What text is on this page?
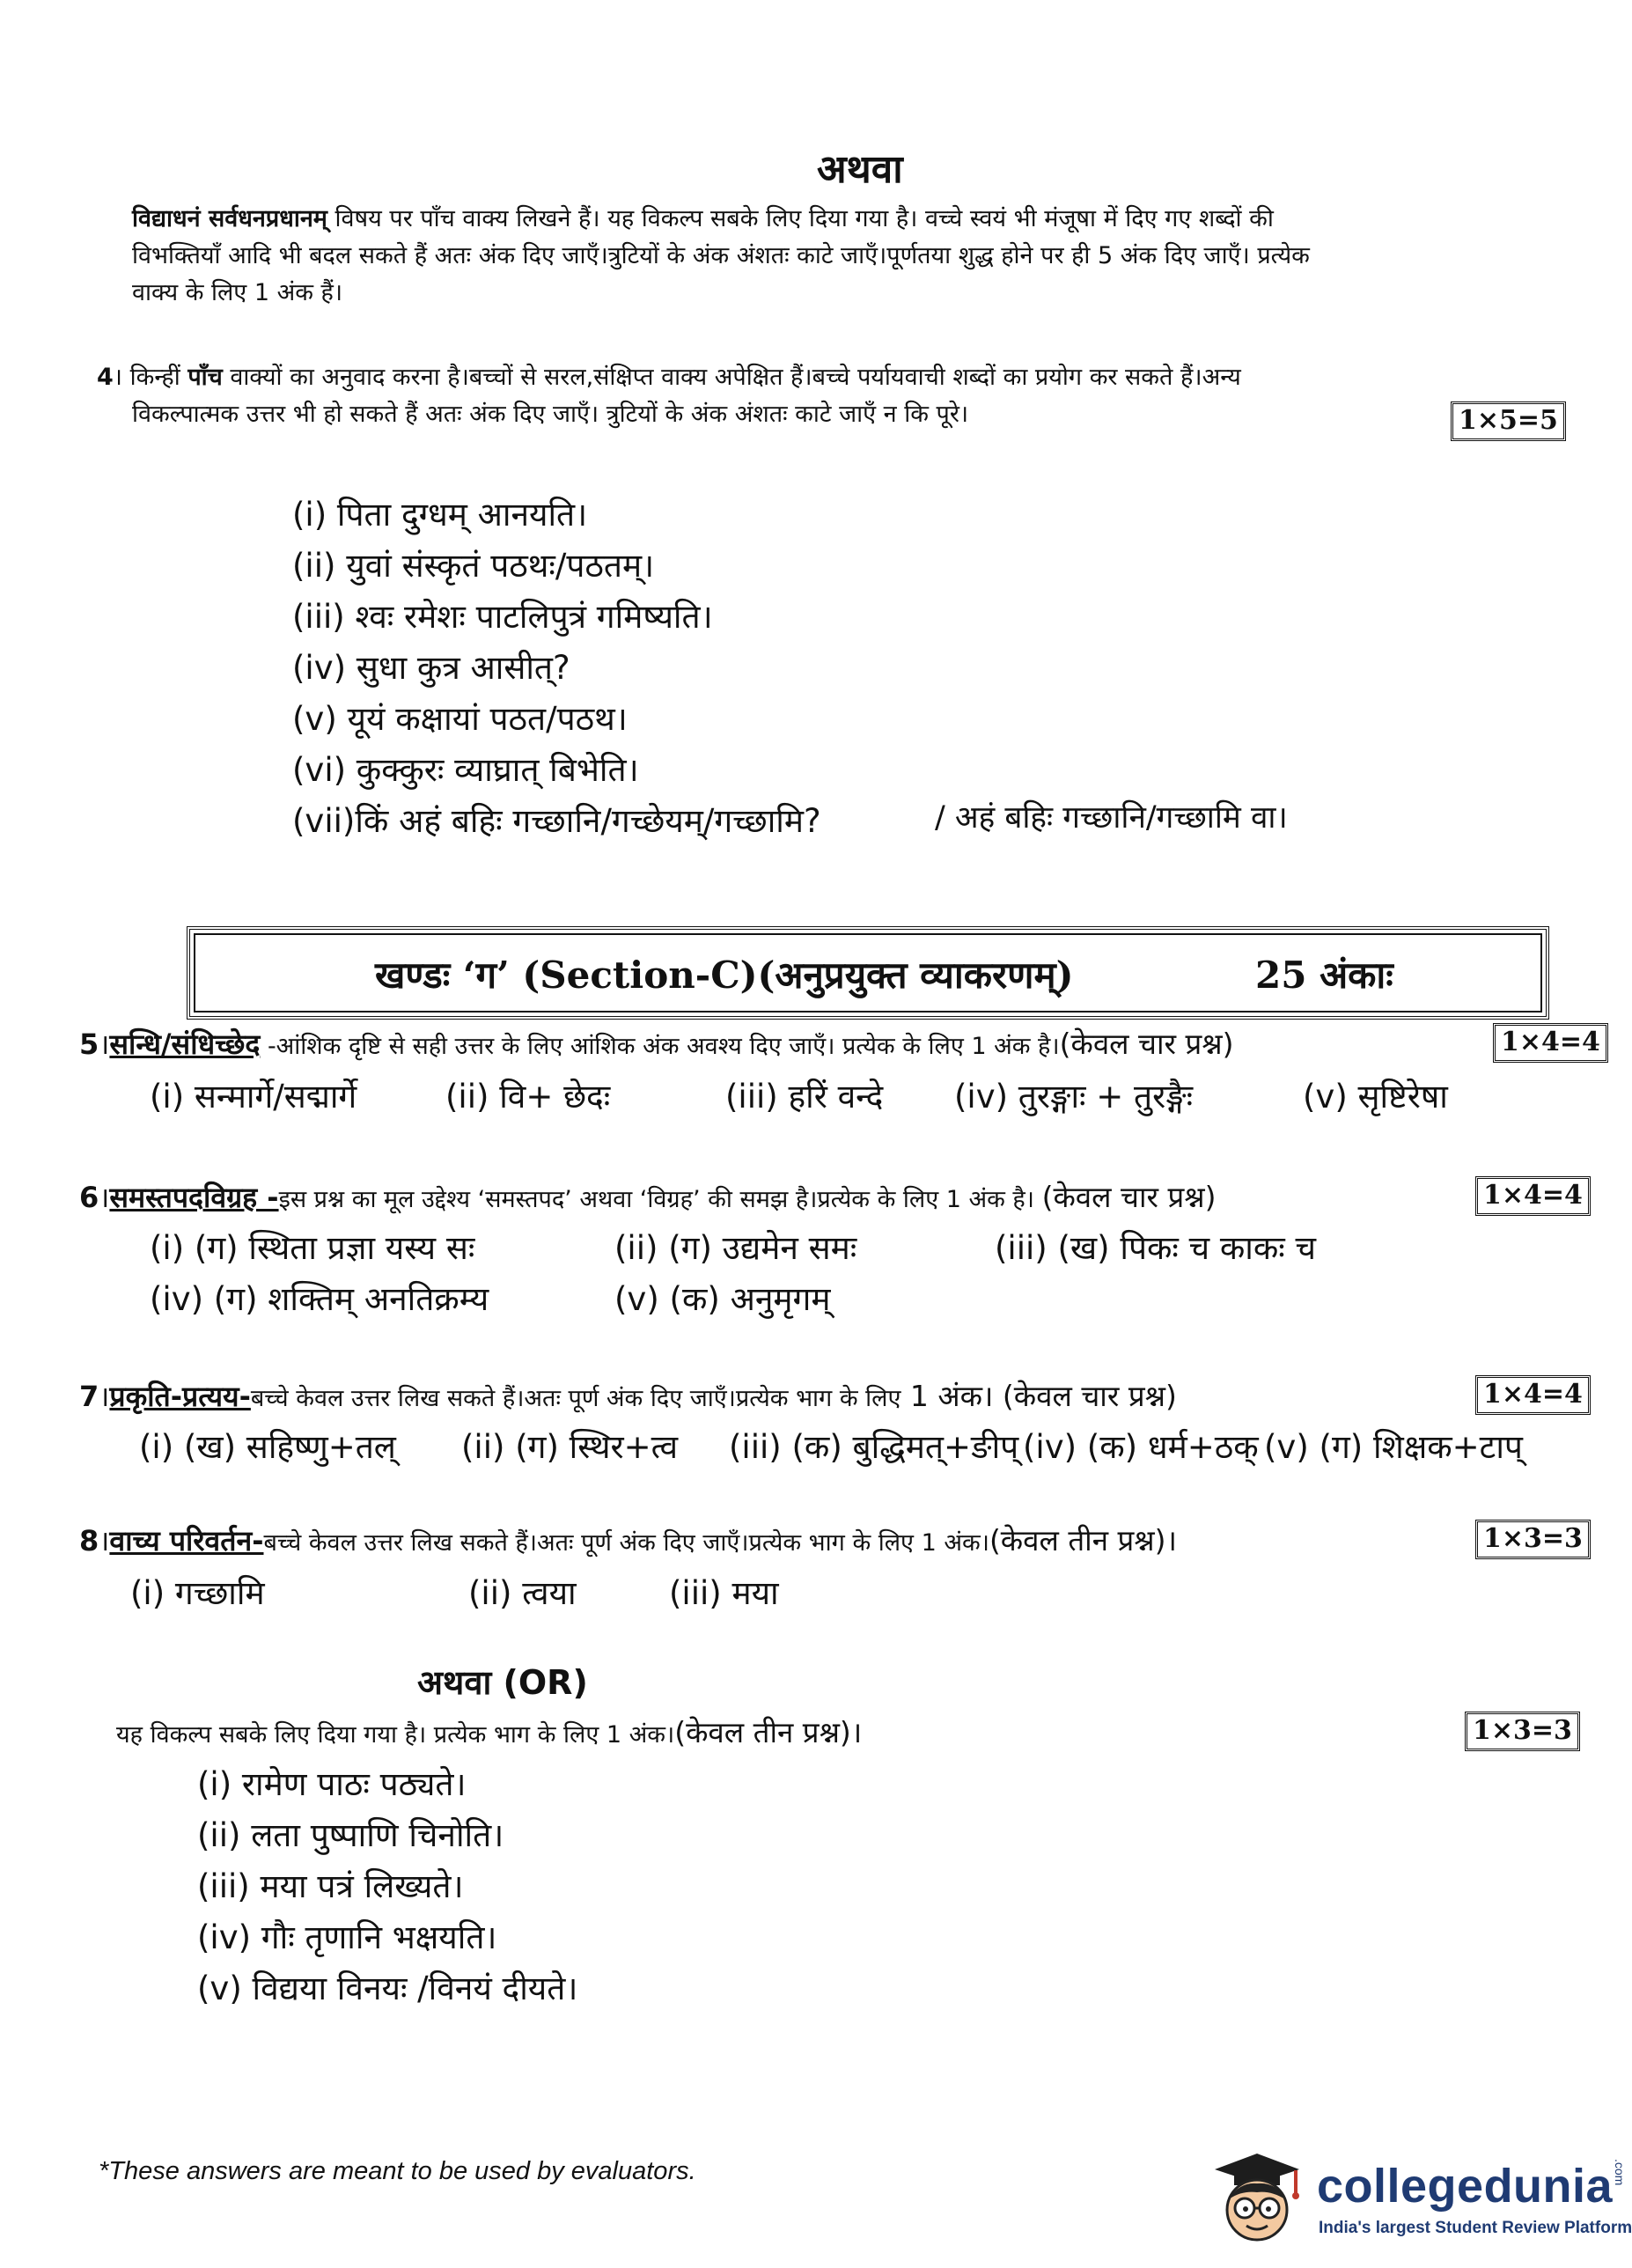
अथवा
विद्याधनं सर्वधनप्रधानम् विषय पर पाँच वाक्य लिखने हैं। यह विकल्प सबके लिए दिया गया है। वच्चे स्वयं भी मंजूषा में दिए गए शब्दों की
विभक्तियाँ आदि भी बदल सकते हैं अतः अंक दिए जाएँ।त्रुटियों के अंक अंशतः काटे जाएँ।पूर्णतया शुद्ध होने पर ही 5 अंक दिए जाएँ। प्रत्येक
वाक्य के लिए 1 अंक हैं।
4। किन्हीं पाँच वाक्यों का अनुवाद करना है।बच्चों से सरल,संक्षिप्त वाक्य अपेक्षित हैं।बच्चे पर्यायवाची शब्दों का प्रयोग कर सकते हैं।अन्य
विकल्पात्मक उत्तर भी हो सकते हैं अतः अंक दिए जाएँ। त्रुटियों के अंक अंशतः काटे जाएँ न कि पूरे।	1×5=5
(i) पिता दुग्धम् आनयति।
(ii) युवां संस्कृतं पठथः/पठतम्।
(iii) श्वः रमेशः पाटलिपुत्रं गमिष्यति।
(iv) सुधा कुत्र आसीत्?
(v) यूयं कक्षायां पठत/पठथ।
(vi) कुक्कुरः व्याघ्रात् बिभेति।
(vii)किं अहं बहिः गच्छानि/गच्छेयम्/गच्छामि?	/ अहं बहिः गच्छानि/गच्छामि वा।
खण्डः ‘ग’ (Section-C)(अनुप्रयुक्त व्याकरणम्)	25 अंकाः
5।सन्धि/संधिच्छेद -आंशिक दृष्टि से सही उत्तर के लिए आंशिक अंक अवश्य दिए जाएँ। प्रत्येक के लिए 1 अंक है।(केवल चार प्रश्न)	1×4=4
(i) सन्मार्गे/सद्मार्गे	(ii) वि+ छेदः	(iii) हरिं वन्दे (iv) तुरङ्गाः + तुरङ्गैः	(v) सृष्टिरेषा
6।समस्तपदविग्रह -इस प्रश्न का मूल उद्देश्य ‘समस्तपद’ अथवा ‘विग्रह’ की समझ है।प्रत्येक के लिए 1 अंक है। (केवल चार प्रश्न)	1×4=4
(i) (ग) स्थिता प्रज्ञा यस्य सः	(ii) (ग) उद्यमेन समः	(iii) (ख) पिकः च काकः च
(iv) (ग) शक्तिम् अनतिक्रम्य	(v) (क) अनुमृगम्
7।प्रकृति-प्रत्यय-बच्चे केवल उत्तर लिख सकते हैं।अतः पूर्ण अंक दिए जाएँ।प्रत्येक भाग के लिए 1 अंक। (केवल चार प्रश्न)	1×4=4
(i) (ख) सहिष्णु+तल् (ii) (ग) स्थिर+त्व (iii) (क) बुद्धिमत्+ङीप् (iv) (क) धर्म+ठक् (v) (ग) शिक्षक+टाप्
8।वाच्य परिवर्तन-बच्चे केवल उत्तर लिख सकते हैं।अतः पूर्ण अंक दिए जाएँ।प्रत्येक भाग के लिए 1 अंक।(केवल तीन प्रश्न)।	1×3=3
(i) गच्छामि	(ii) त्वया	(iii) मया
अथवा (OR)
यह विकल्प सबके लिए दिया गया है। प्रत्येक भाग के लिए 1 अंक।(केवल तीन प्रश्न)।	1×3=3
(i) रामेण पाठः पठ्यते।
(ii) लता पुष्पाणि चिनोति।
(iii) मया पत्रं लिख्यते।
(iv) गौः तृणानि भक्षयति।
(v) विद्यया विनयः /विनयं दीयते।
*These answers are meant to be used by evaluators.	collegedunia.com
India's largest Student Review Platform
